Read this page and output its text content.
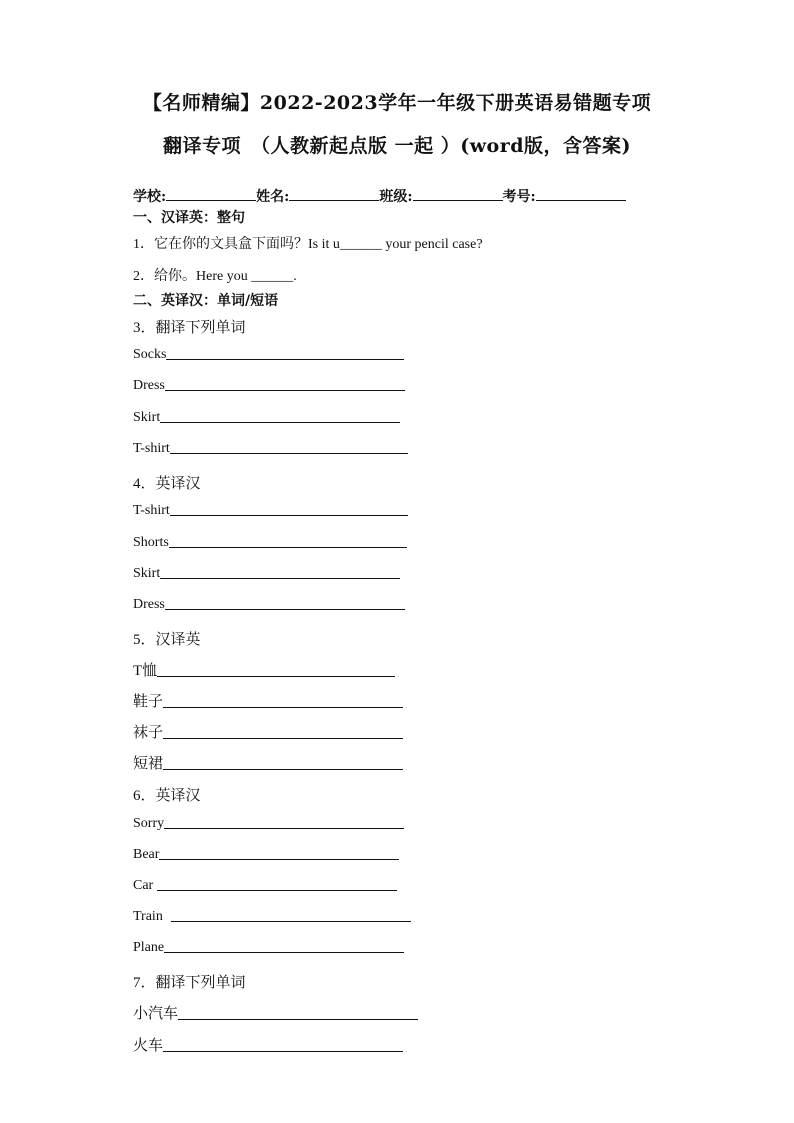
【名师精编】2022-2023学年一年级下册英语易错题专项
翻译专项　（人教新起点版 一起 ）(word版，含答案)
学校:	姓名:	班级:	考号:
一、汉译英：整句
1．它在你的文具盒下面吗？Is it u______ your pencil case?
2．给你。Here you ______.
二、英译汉：单词/短语
3．翻译下列单词
Socks
Dress
Skirt
T-shirt
4．英译汉
T-shirt
Shorts
Skirt
Dress
5．汉译英
T恤
鞋子
袜子
短裙
6．英译汉
Sorry
Bear
Car
Train
Plane
7．翻译下列单词
小汽车
火车
